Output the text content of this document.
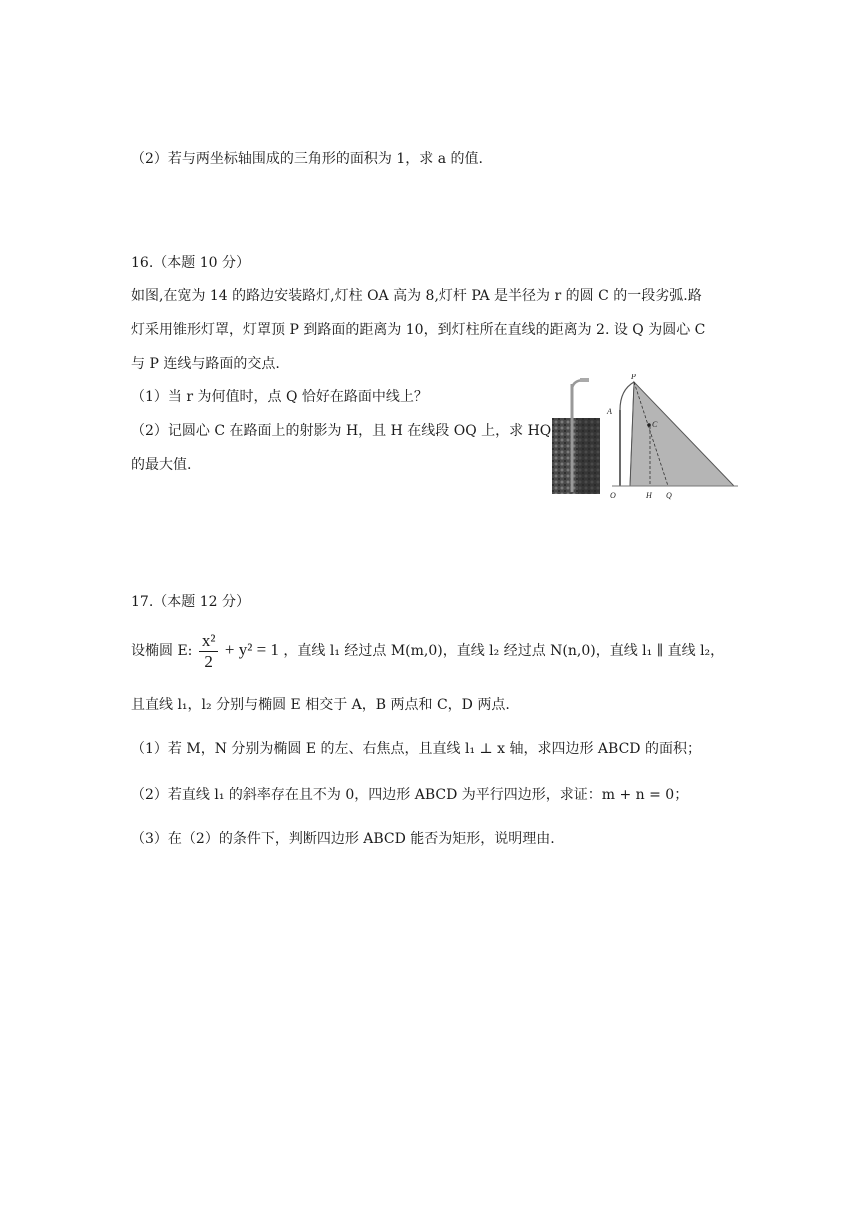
（2）若与两坐标轴围成的三角形的面积为 1，求 a 的值.
16.（本题 10 分）
如图,在宽为 14 的路边安装路灯,灯柱 OA 高为 8,灯杆 PA 是半径为 r 的圆 C 的一段劣弧.路
灯采用锥形灯罩，灯罩顶 P 到路面的距离为 10，到灯柱所在直线的距离为 2. 设 Q 为圆心 C
与 P 连线与路面的交点.
（1）当 r 为何值时，点 Q 恰好在路面中线上？
（2）记圆心 C 在路面上的射影为 H，且 H 在线段 OQ 上，求 HQ
的最大值.
P
A
C
O	H Q
17.（本题 12 分）
设椭圆 E: $\frac{\text{x²}}{2} + y^2 = 1$ ，直线 l₁ 经过点 M(m,0)，直线 l₂ 经过点 N(n,0)，直线 l₁ ∥ 直线 l₂，
且直线 l₁，l₂ 分别与椭圆 E 相交于 A，B 两点和 C，D 两点.
（1）若 M，N 分别为椭圆 E 的左、右焦点，且直线 l₁ ⊥ x 轴，求四边形 ABCD 的面积；
（2）若直线 l₁ 的斜率存在且不为 0，四边形 ABCD 为平行四边形，求证：m + n = 0；
（3）在（2）的条件下，判断四边形 ABCD 能否为矩形，说明理由.
